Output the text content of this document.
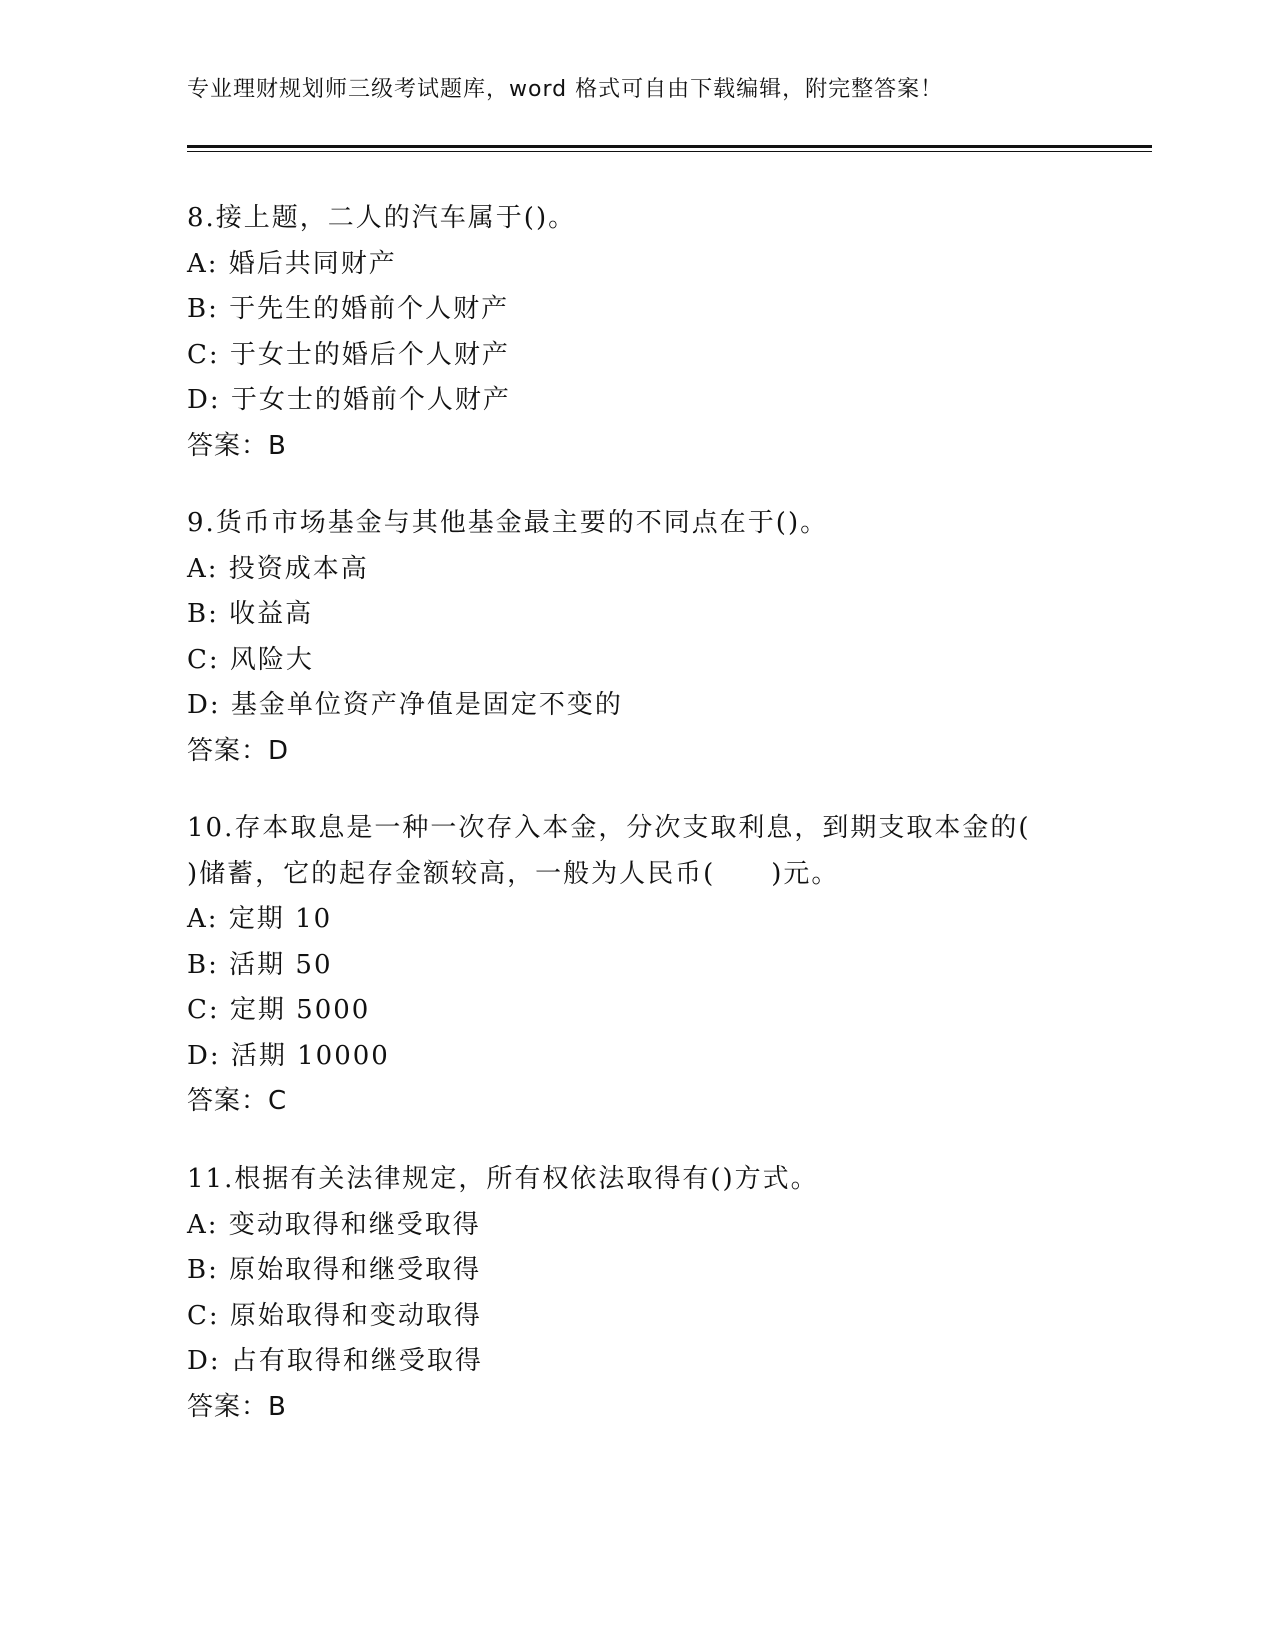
专业理财规划师三级考试题库，word 格式可自由下载编辑，附完整答案！
8.接上题，二人的汽车属于()。
A: 婚后共同财产
B: 于先生的婚前个人财产
C: 于女士的婚后个人财产
D: 于女士的婚前个人财产
答案：B
9.货币市场基金与其他基金最主要的不同点在于()。
A: 投资成本高
B: 收益高
C: 风险大
D: 基金单位资产净值是固定不变的
答案：D
10.存本取息是一种一次存入本金，分次支取利息，到期支取本金的(
)储蓄，它的起存金额较高，一般为人民币(　　)元。
A: 定期 10
B: 活期 50
C: 定期 5000
D: 活期 10000
答案：C
11.根据有关法律规定，所有权依法取得有()方式。
A: 变动取得和继受取得
B: 原始取得和继受取得
C: 原始取得和变动取得
D: 占有取得和继受取得
答案：B
